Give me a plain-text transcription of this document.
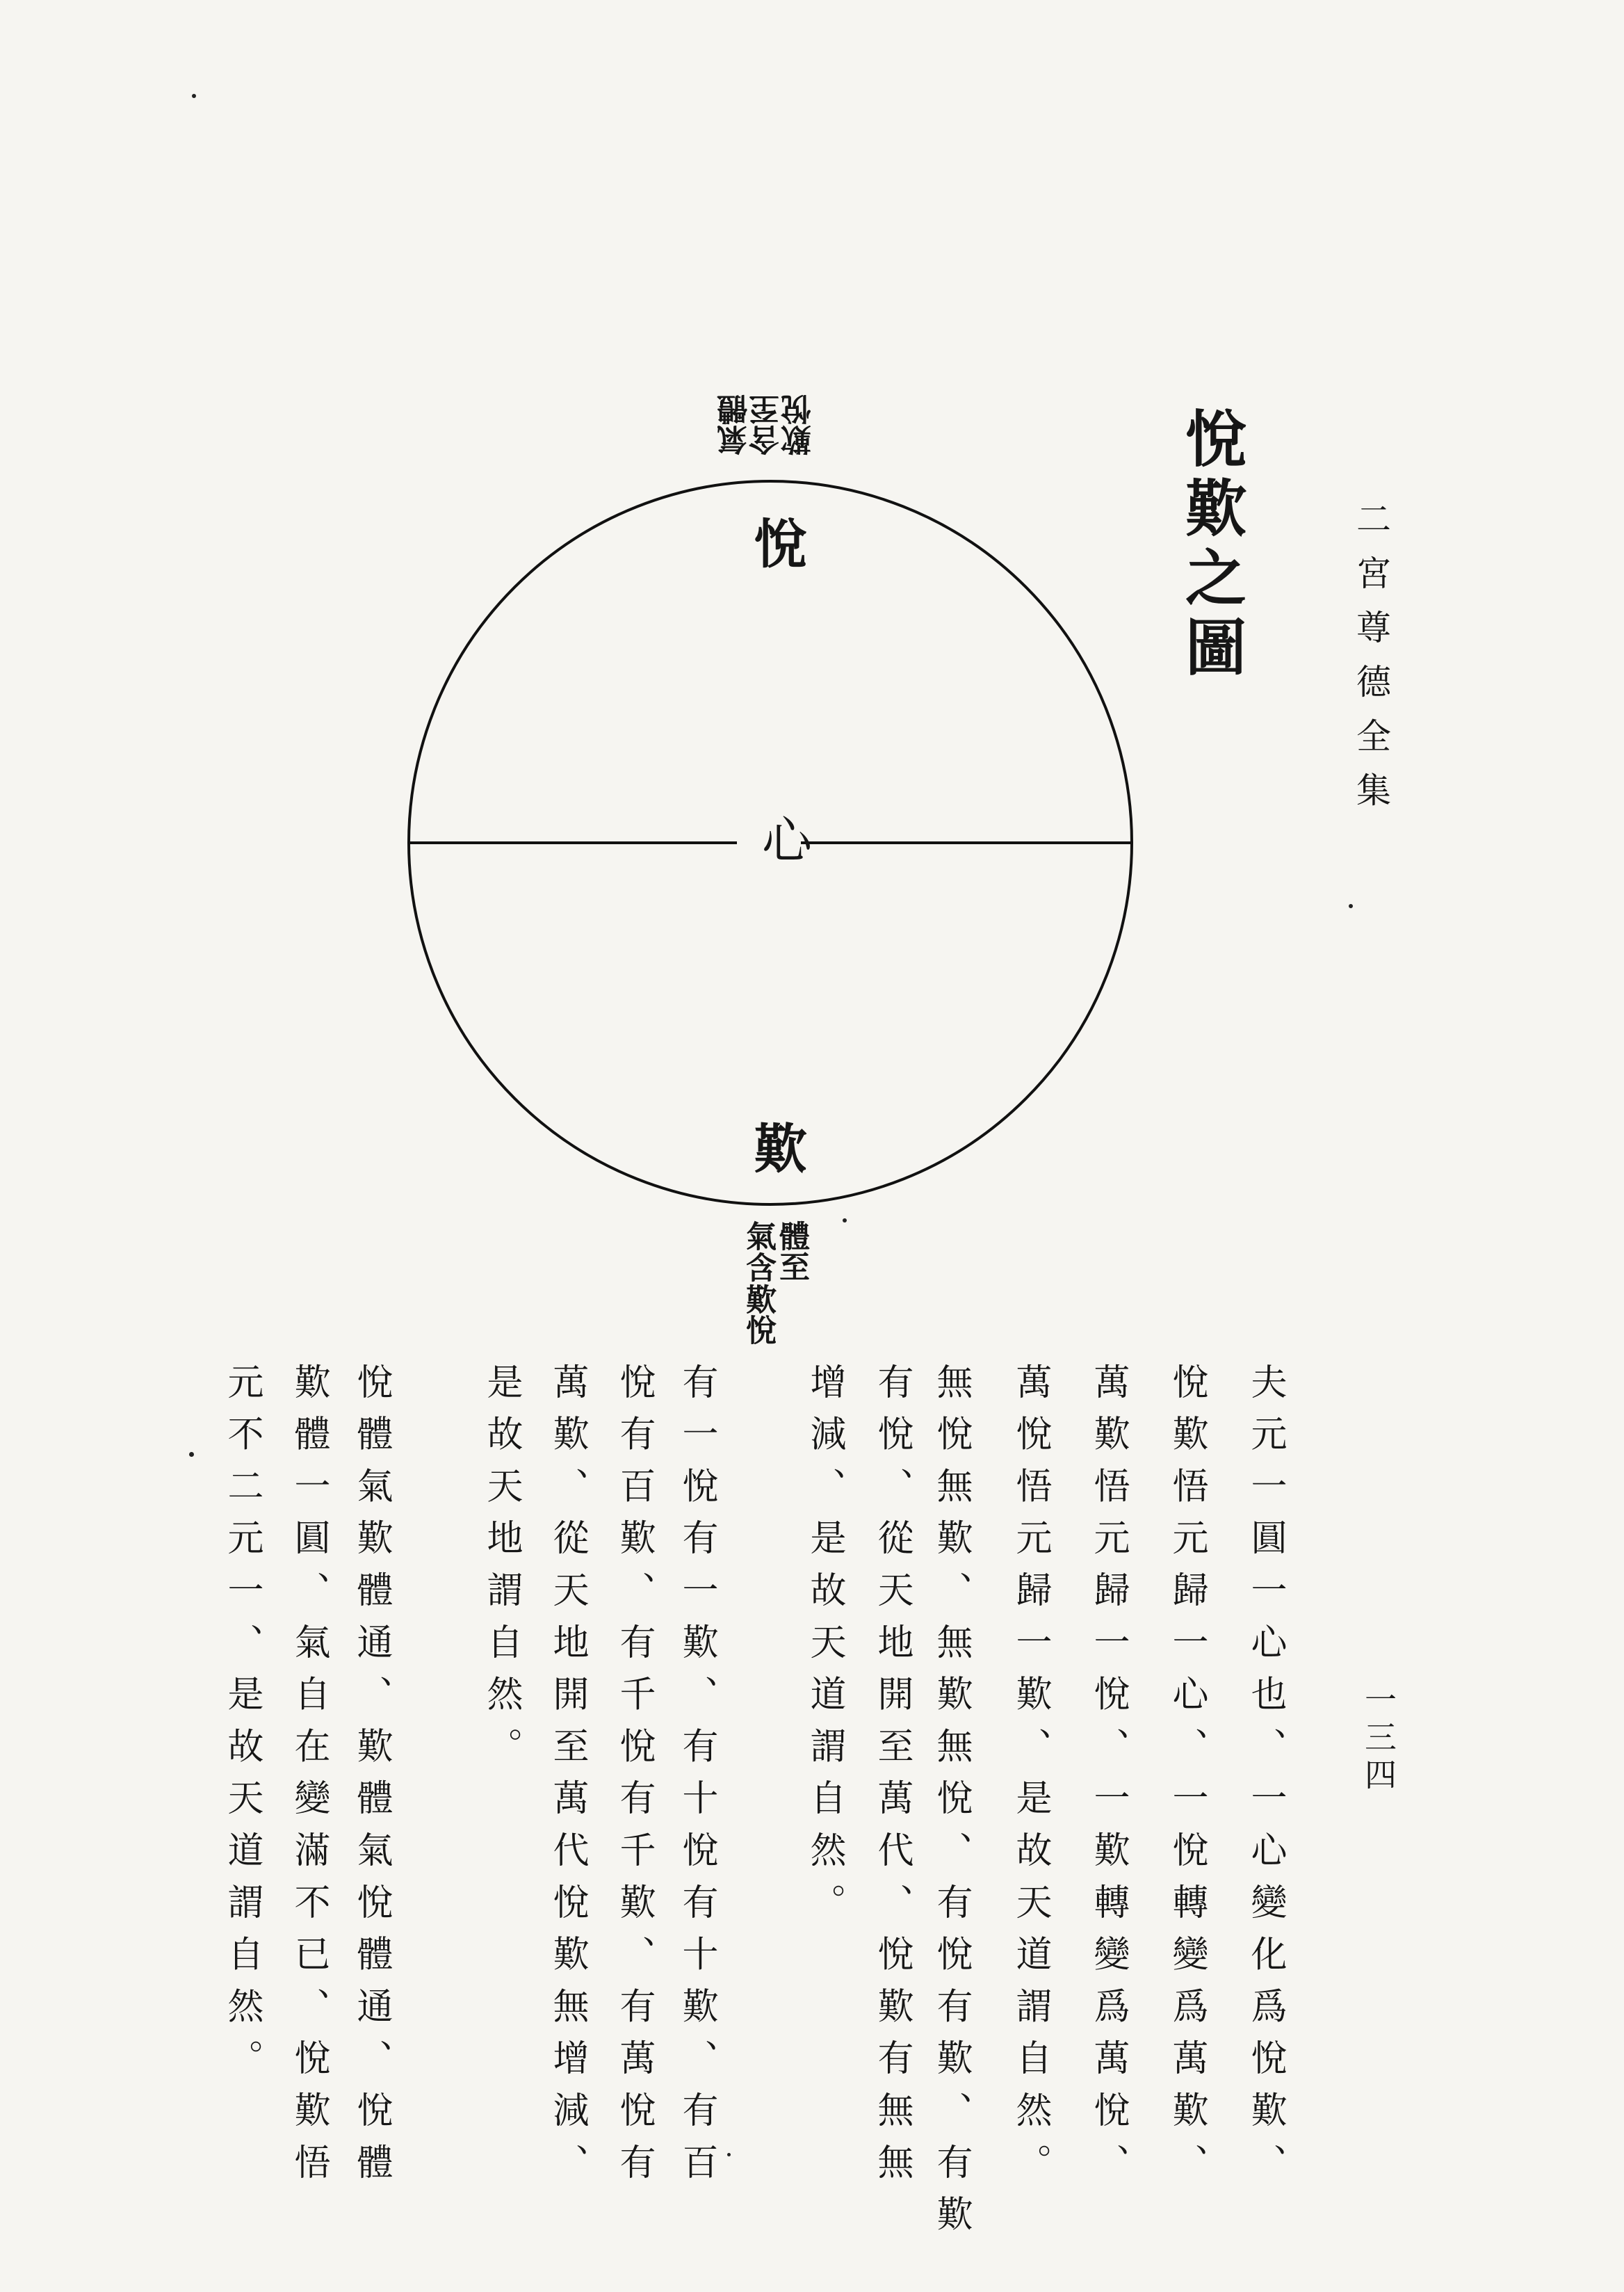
二宮尊德全集
一三四
悅歎之圖
悅
心
歎
氣體
含至
歎悅
體至
含
歎悅
氣
夫元一圓一心也、一心變化爲悅歎、
悅歎悟元歸一心、一悅轉變爲萬歎、
萬歎悟元歸一悅、一歎轉變爲萬悅、
萬悅悟元歸一歎、是故天道謂自然。
無悅無歎、無歎無悅、有悅有歎、有歎
有悅、從天地開至萬代、悅歎有無無
增減、是故天道謂自然。
有一悅有一歎、有十悅有十歎、有百
悅有百歎、有千悅有千歎、有萬悅有
萬歎、從天地開至萬代悅歎無增減、
是故天地謂自然。
悅體氣歎體通、歎體氣悅體通、悅體
歎體一圓、氣自在變滿不已、悅歎悟
元不二元一、是故天道謂自然。
